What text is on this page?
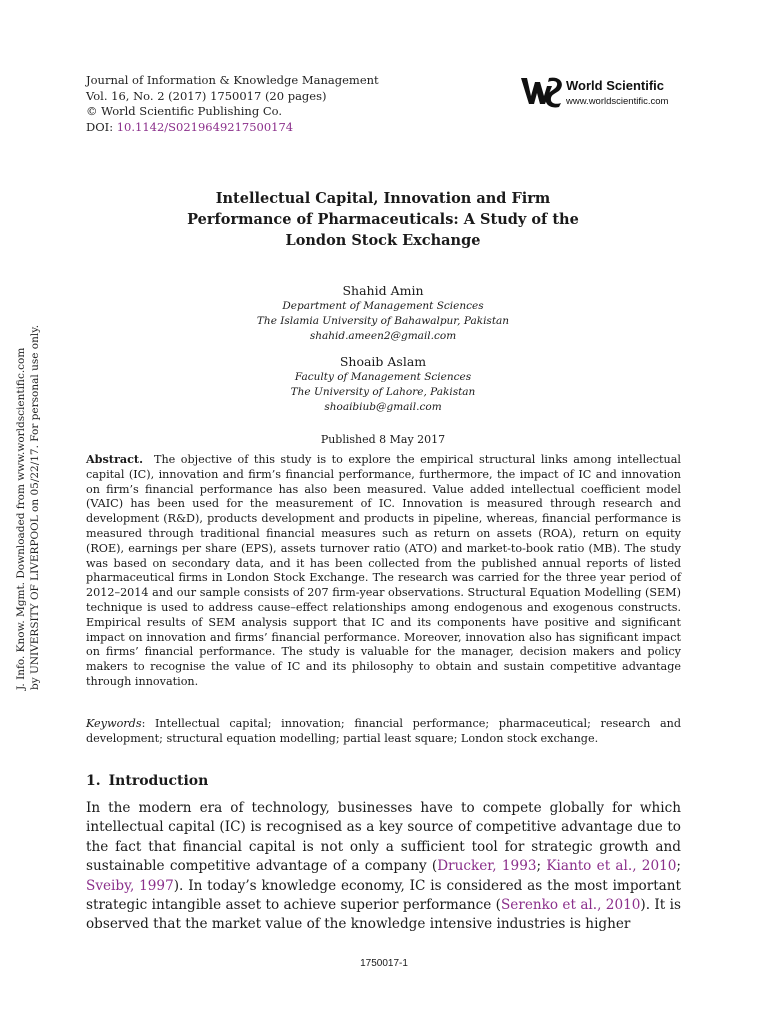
Journal of Information & Knowledge Management
Vol. 16, No. 2 (2017) 1750017 (20 pages)
© World Scientific Publishing Co.
DOI: 10.1142/S0219649217500174
World Scientific
www.worldscientific.com
J. Info. Know. Mgmt. Downloaded from www.worldscientific.com by UNIVERSITY OF LIVERPOOL on 05/22/17. For personal use only.
Intellectual Capital, Innovation and Firm
Performance of Pharmaceuticals: A Study of the
London Stock Exchange
Shahid Amin
Department of Management Sciences
The Islamia University of Bahawalpur, Pakistan
shahid.ameen2@gmail.com
Shoaib Aslam
Faculty of Management Sciences
The University of Lahore, Pakistan
shoaibiub@gmail.com
Published 8 May 2017
Abstract. The objective of this study is to explore the empirical structural links among intellectual capital (IC), innovation and firm’s financial performance, furthermore, the impact of IC and innovation on firm’s financial performance has also been measured. Value added intellectual coefficient model (VAIC) has been used for the measurement of IC. Innovation is measured through research and development (R&D), products development and products in pipeline, whereas, financial performance is measured through traditional financial measures such as return on assets (ROA), return on equity (ROE), earnings per share (EPS), assets turnover ratio (ATO) and market-to-book ratio (MB). The study was based on secondary data, and it has been collected from the published annual reports of listed pharmaceutical firms in London Stock Exchange. The research was carried for the three year period of 2012–2014 and our sample consists of 207 firm-year observations. Structural Equation Modelling (SEM) technique is used to address cause–effect relationships among endogenous and exogenous constructs. Empirical results of SEM analysis support that IC and its components have positive and significant impact on innovation and firms’ financial performance. Moreover, innovation also has significant impact on firms’ financial performance. The study is valuable for the manager, decision makers and policy makers to recognise the value of IC and its philosophy to obtain and sustain competitive advantage through innovation.
Keywords: Intellectual capital; innovation; financial performance; pharmaceutical; research and development; structural equation modelling; partial least square; London stock exchange.
1. Introduction
In the modern era of technology, businesses have to compete globally for which intellectual capital (IC) is recognised as a key source of competitive advantage due to the fact that financial capital is not only a sufficient tool for strategic growth and sustainable competitive advantage of a company (Drucker, 1993; Kianto et al., 2010; Sveiby, 1997). In today’s knowledge economy, IC is considered as the most important strategic intangible asset to achieve superior performance (Serenko et al., 2010). It is observed that the market value of the knowledge intensive industries is higher
1750017-1
